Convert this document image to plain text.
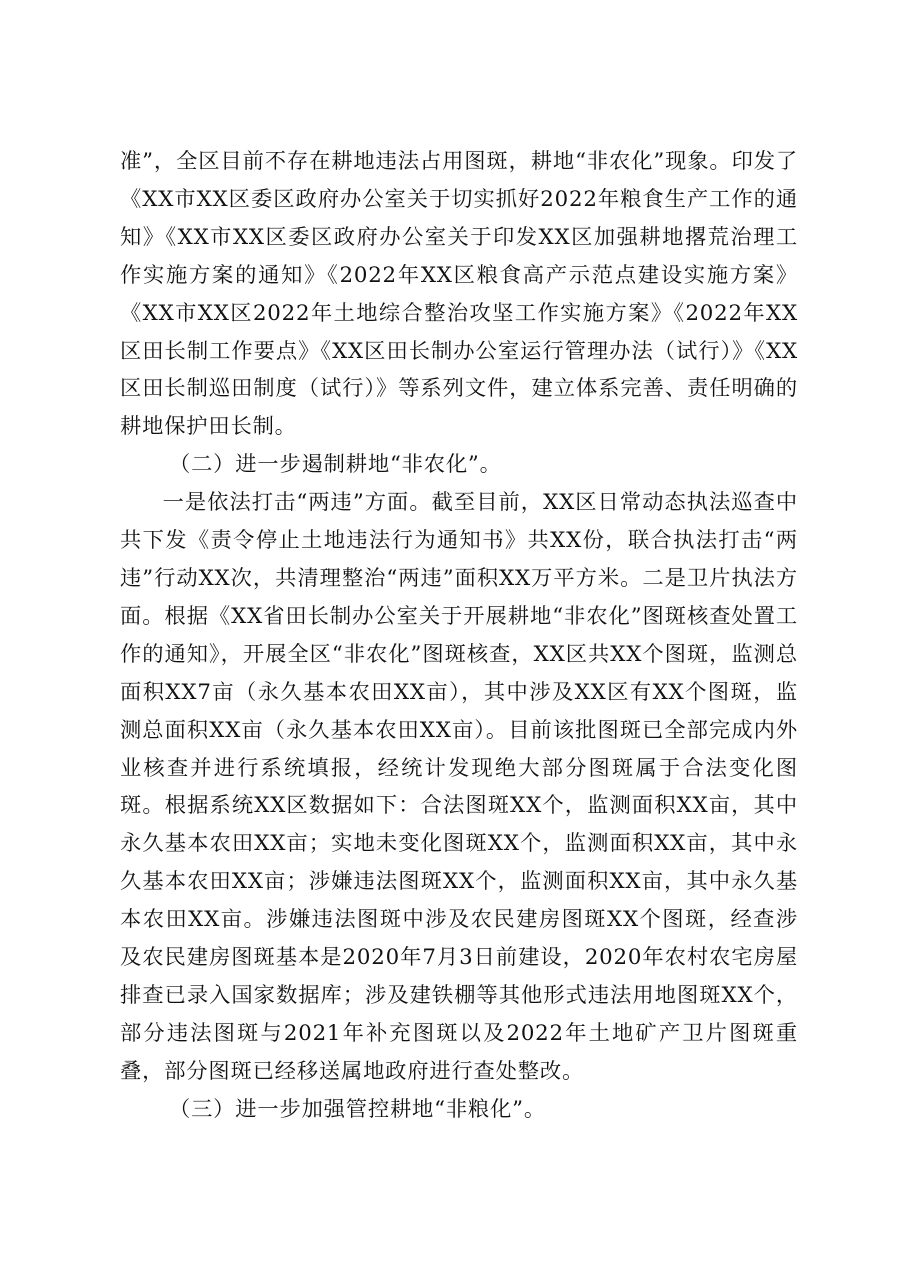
准”，全区目前不存在耕地违法占用图斑，耕地“非农化”现象。印发了《XX市XX区委区政府办公室关于切实抓好2022年粮食生产工作的通知》《XX市XX区委区政府办公室关于印发XX区加强耕地撂荒治理工作实施方案的通知》《2022年XX区粮食高产示范点建设实施方案》《XX市XX区2022年土地综合整治攻坚工作实施方案》《2022年XX区田长制工作要点》《XX区田长制办公室运行管理办法（试行）》《XX区田长制巡田制度（试行）》等系列文件，建立体系完善、责任明确的耕地保护田长制。

（二）进一步遏制耕地“非农化”。

一是依法打击“两违”方面。截至目前，XX区日常动态执法巡查中共下发《责令停止土地违法行为通知书》共XX份，联合执法打击“两违”行动XX次，共清理整治“两违”面积XX万平方米。二是卫片执法方面。根据《XX省田长制办公室关于开展耕地“非农化”图斑核查处置工作的通知》，开展全区“非农化”图斑核查，XX区共XX个图斑，监测总面积XX7亩（永久基本农田XX亩），其中涉及XX区有XX个图斑，监测总面积XX亩（永久基本农田XX亩）。目前该批图斑已全部完成内外业核查并进行系统填报，经统计发现绝大部分图斑属于合法变化图斑。根据系统XX区数据如下：合法图斑XX个，监测面积XX亩，其中永久基本农田XX亩；实地未变化图斑XX个，监测面积XX亩，其中永久基本农田XX亩；涉嫌违法图斑XX个，监测面积XX亩，其中永久基本农田XX亩。涉嫌违法图斑中涉及农民建房图斑XX个图斑，经查涉及农民建房图斑基本是2020年7月3日前建设，2020年农村农宅房屋排查已录入国家数据库；涉及建铁棚等其他形式违法用地图斑XX个，部分违法图斑与2021年补充图斑以及2022年土地矿产卫片图斑重叠，部分图斑已经移送属地政府进行查处整改。

（三）进一步加强管控耕地“非粮化”。
